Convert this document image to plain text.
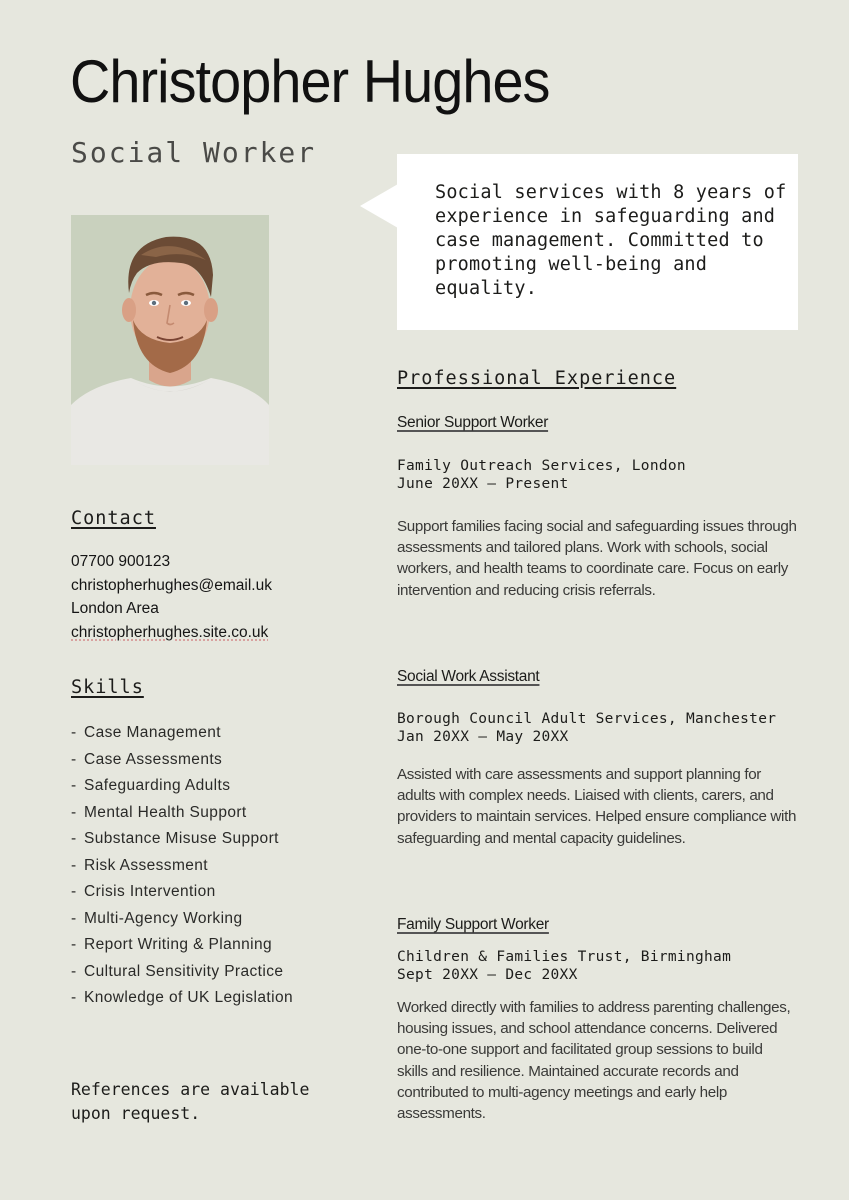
Christopher Hughes
Social Worker
Social services with 8 years of experience in safeguarding and case management. Committed to promoting well-being and equality.
Contact
07700 900123
christopherhughes@email.uk
London Area
christopherhughes.site.co.uk
Skills
- Case Management
- Case Assessments
- Safeguarding Adults
- Mental Health Support
- Substance Misuse Support
- Risk Assessment
- Crisis Intervention
- Multi-Agency Working
- Report Writing & Planning
- Cultural Sensitivity Practice
- Knowledge of UK Legislation
References are available upon request.
Professional Experience
Senior Support Worker
Family Outreach Services, London
June 20XX – Present
Support families facing social and safeguarding issues through assessments and tailored plans. Work with schools, social workers, and health teams to coordinate care. Focus on early intervention and reducing crisis referrals.
Social Work Assistant
Borough Council Adult Services, Manchester
Jan 20XX – May 20XX
Assisted with care assessments and support planning for adults with complex needs. Liaised with clients, carers, and providers to maintain services. Helped ensure compliance with safeguarding and mental capacity guidelines.
Family Support Worker
Children & Families Trust, Birmingham
Sept 20XX – Dec 20XX
Worked directly with families to address parenting challenges, housing issues, and school attendance concerns. Delivered one-to-one support and facilitated group sessions to build skills and resilience. Maintained accurate records and contributed to multi-agency meetings and early help assessments.
